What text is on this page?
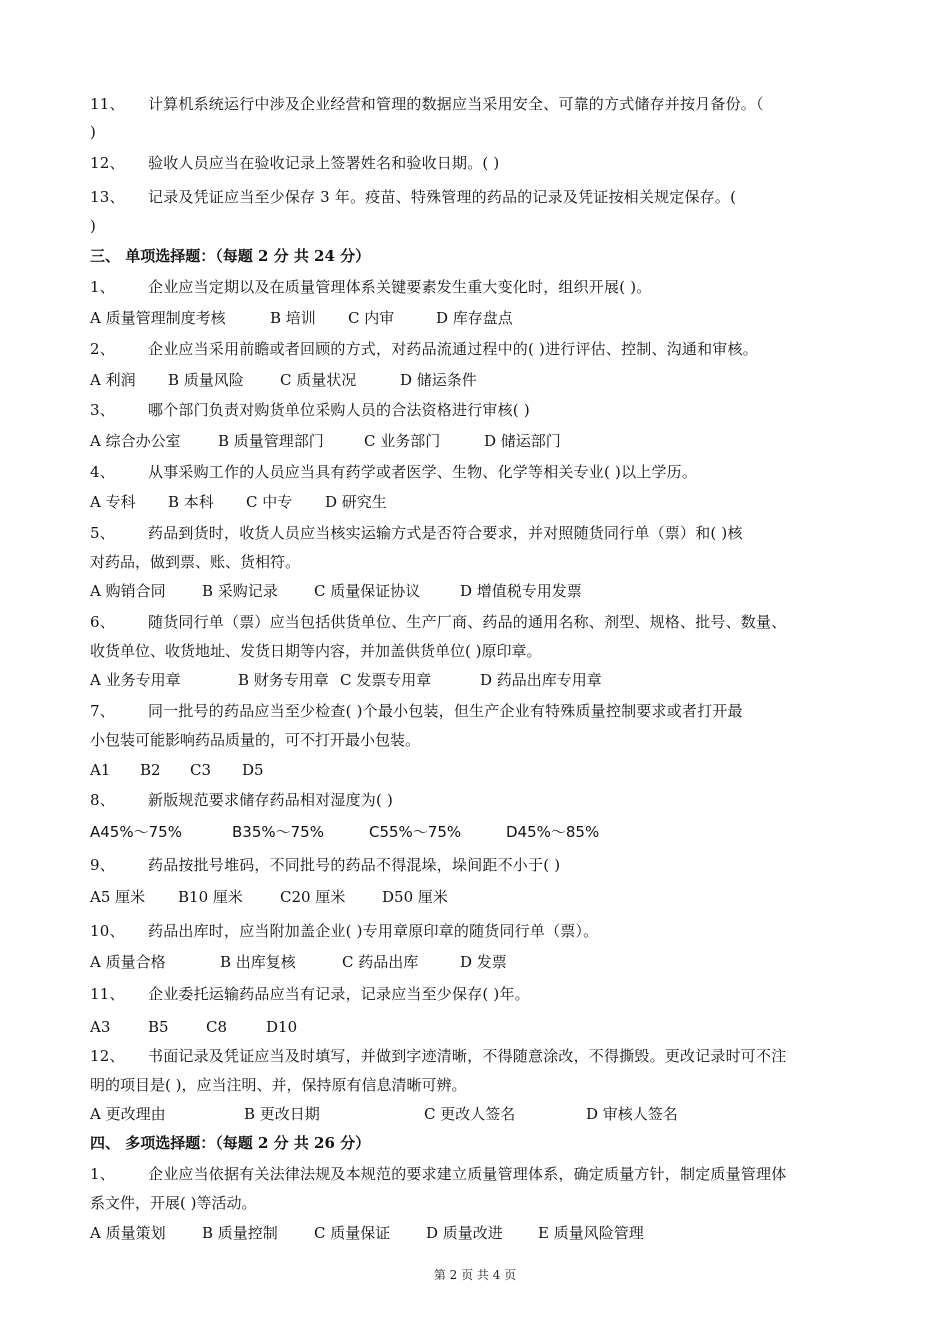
11、 计算机系统运行中涉及企业经营和管理的数据应当采用安全、可靠的方式储存并按月备份。（
)
12、 验收人员应当在验收记录上签署姓名和验收日期。( )
13、 记录及凭证应当至少保存 3 年。疫苗、特殊管理的药品的记录及凭证按相关规定保存。(
)
三、 单项选择题：（每题 2 分 共 24 分）
1、 企业应当定期以及在质量管理体系关键要素发生重大变化时，组织开展( )。
A 质量管理制度考核	B 培训 C 内审	D 库存盘点
2、 企业应当采用前瞻或者回顾的方式，对药品流通过程中的( )进行评估、控制、沟通和审核。
A 利润 B 质量风险 C 质量状况	D 储运条件
3、 哪个部门负责对购货单位采购人员的合法资格进行审核( )
A 综合办公室 B 质量管理部门	C 业务部门	D 储运部门
4、 从事采购工作的人员应当具有药学或者医学、生物、化学等相关专业( )以上学历。
A 专科 B 本科 C 中专 D 研究生
5、 药品到货时，收货人员应当核实运输方式是否符合要求，并对照随货同行单（票）和( )核
对药品，做到票、账、货相符。
A 购销合同 B 采购记录 C 质量保证协议	D 增值税专用发票
6、 随货同行单（票）应当包括供货单位、生产厂商、药品的通用名称、剂型、规格、批号、数量、
收货单位、收货地址、发货日期等内容，并加盖供货单位( )原印章。
A 业务专用章	B 财务专用章 C 发票专用章	D 药品出库专用章
7、 同一批号的药品应当至少检查( )个最小包装，但生产企业有特殊质量控制要求或者打开最
小包装可能影响药品质量的，可不打开最小包装。
A1 B2 C3 D5
8、 新版规范要求储存药品相对湿度为( )
A45%～75%	B35%～75%	C55%～75%	D45%～85%
9、 药品按批号堆码，不同批号的药品不得混垛，垛间距不小于( )
A5 厘米 B10 厘米 C20 厘米 D50 厘米
10、 药品出库时，应当附加盖企业( )专用章原印章的随货同行单（票）。
A 质量合格	B 出库复核	C 药品出库	D 发票
11、 企业委托运输药品应当有记录，记录应当至少保存( )年。
A3	B5 C8	D10
12、 书面记录及凭证应当及时填写，并做到字迹清晰，不得随意涂改，不得撕毁。更改记录时可不注
明的项目是( )，应当注明、并，保持原有信息清晰可辨。
A 更改理由	B 更改日期	C 更改人签名	D 审核人签名
四、 多项选择题：（每题 2 分 共 26 分）
1、 企业应当依据有关法律法规及本规范的要求建立质量管理体系，确定质量方针，制定质量管理体
系文件，开展( )等活动。
A 质量策划 B 质量控制 C 质量保证 D 质量改进 E 质量风险管理
第 2 页 共 4 页
